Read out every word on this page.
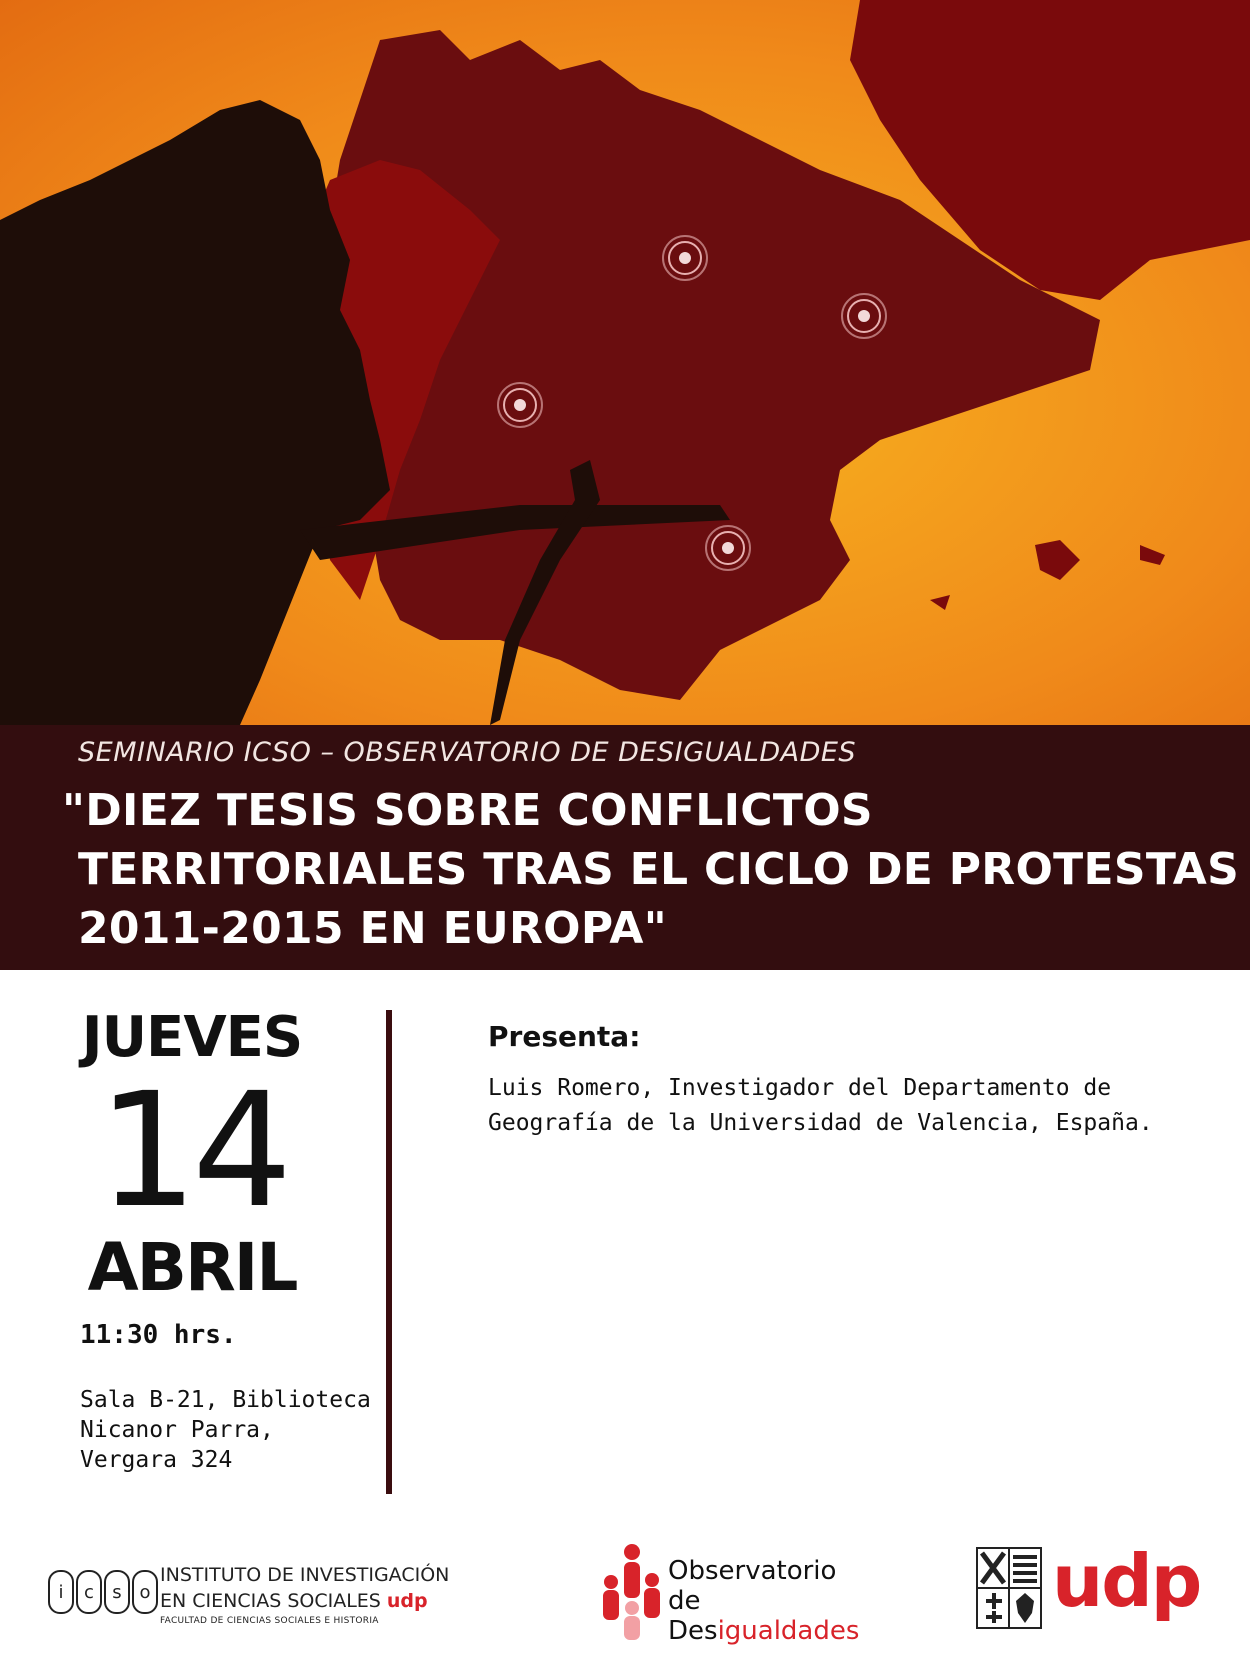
SEMINARIO ICSO – OBSERVATORIO DE DESIGUALDADES
"DIEZ TESIS SOBRE CONFLICTOS
TERRITORIALES TRAS EL CICLO DE PROTESTAS
2011-2015 EN EUROPA"
JUEVES
14
ABRIL
11:30 hrs.
Sala B-21, Biblioteca
Nicanor Parra,
Vergara 324
Presenta:
Luis Romero, Investigador del Departamento de
Geografía de la Universidad de Valencia, España.
i	c	s o
INSTITUTO DE INVESTIGACIÓN
EN CIENCIAS SOCIALES udp
FACULTAD DE CIENCIAS SOCIALES E HISTORIA
Observatorio
de Desigualdades
udp
